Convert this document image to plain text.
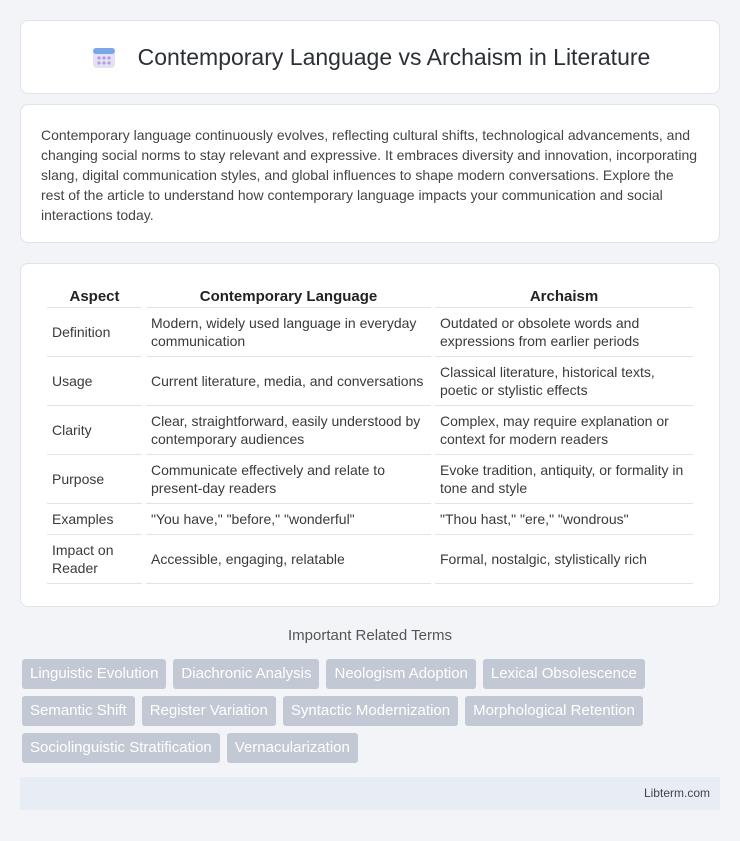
Contemporary Language vs Archaism in Literature

Contemporary language continuously evolves, reflecting cultural shifts, technological advancements, and changing social norms to stay relevant and expressive. It embraces diversity and innovation, incorporating slang, digital communication styles, and global influences to shape modern conversations. Explore the rest of the article to understand how contemporary language impacts your communication and social interactions today.

Aspect	Contemporary Language	Archaism
Definition	Modern, widely used language in everyday communication	Outdated or obsolete words and expressions from earlier periods
Usage	Current literature, media, and conversations	Classical literature, historical texts, poetic or stylistic effects
Clarity	Clear, straightforward, easily understood by contemporary audiences	Complex, may require explanation or context for modern readers
Purpose	Communicate effectively and relate to present-day readers	Evoke tradition, antiquity, or formality in tone and style
Examples	"You have," "before," "wonderful"	"Thou hast," "ere," "wondrous"
Impact on Reader	Accessible, engaging, relatable	Formal, nostalgic, stylistically rich
Important Related Terms
Linguistic Evolution	Diachronic Analysis	Neologism Adoption	Lexical Obsolescence
Semantic Shift	Register Variation	Syntactic Modernization	Morphological Retention
Sociolinguistic Stratification	Vernacularization
Libterm.com
